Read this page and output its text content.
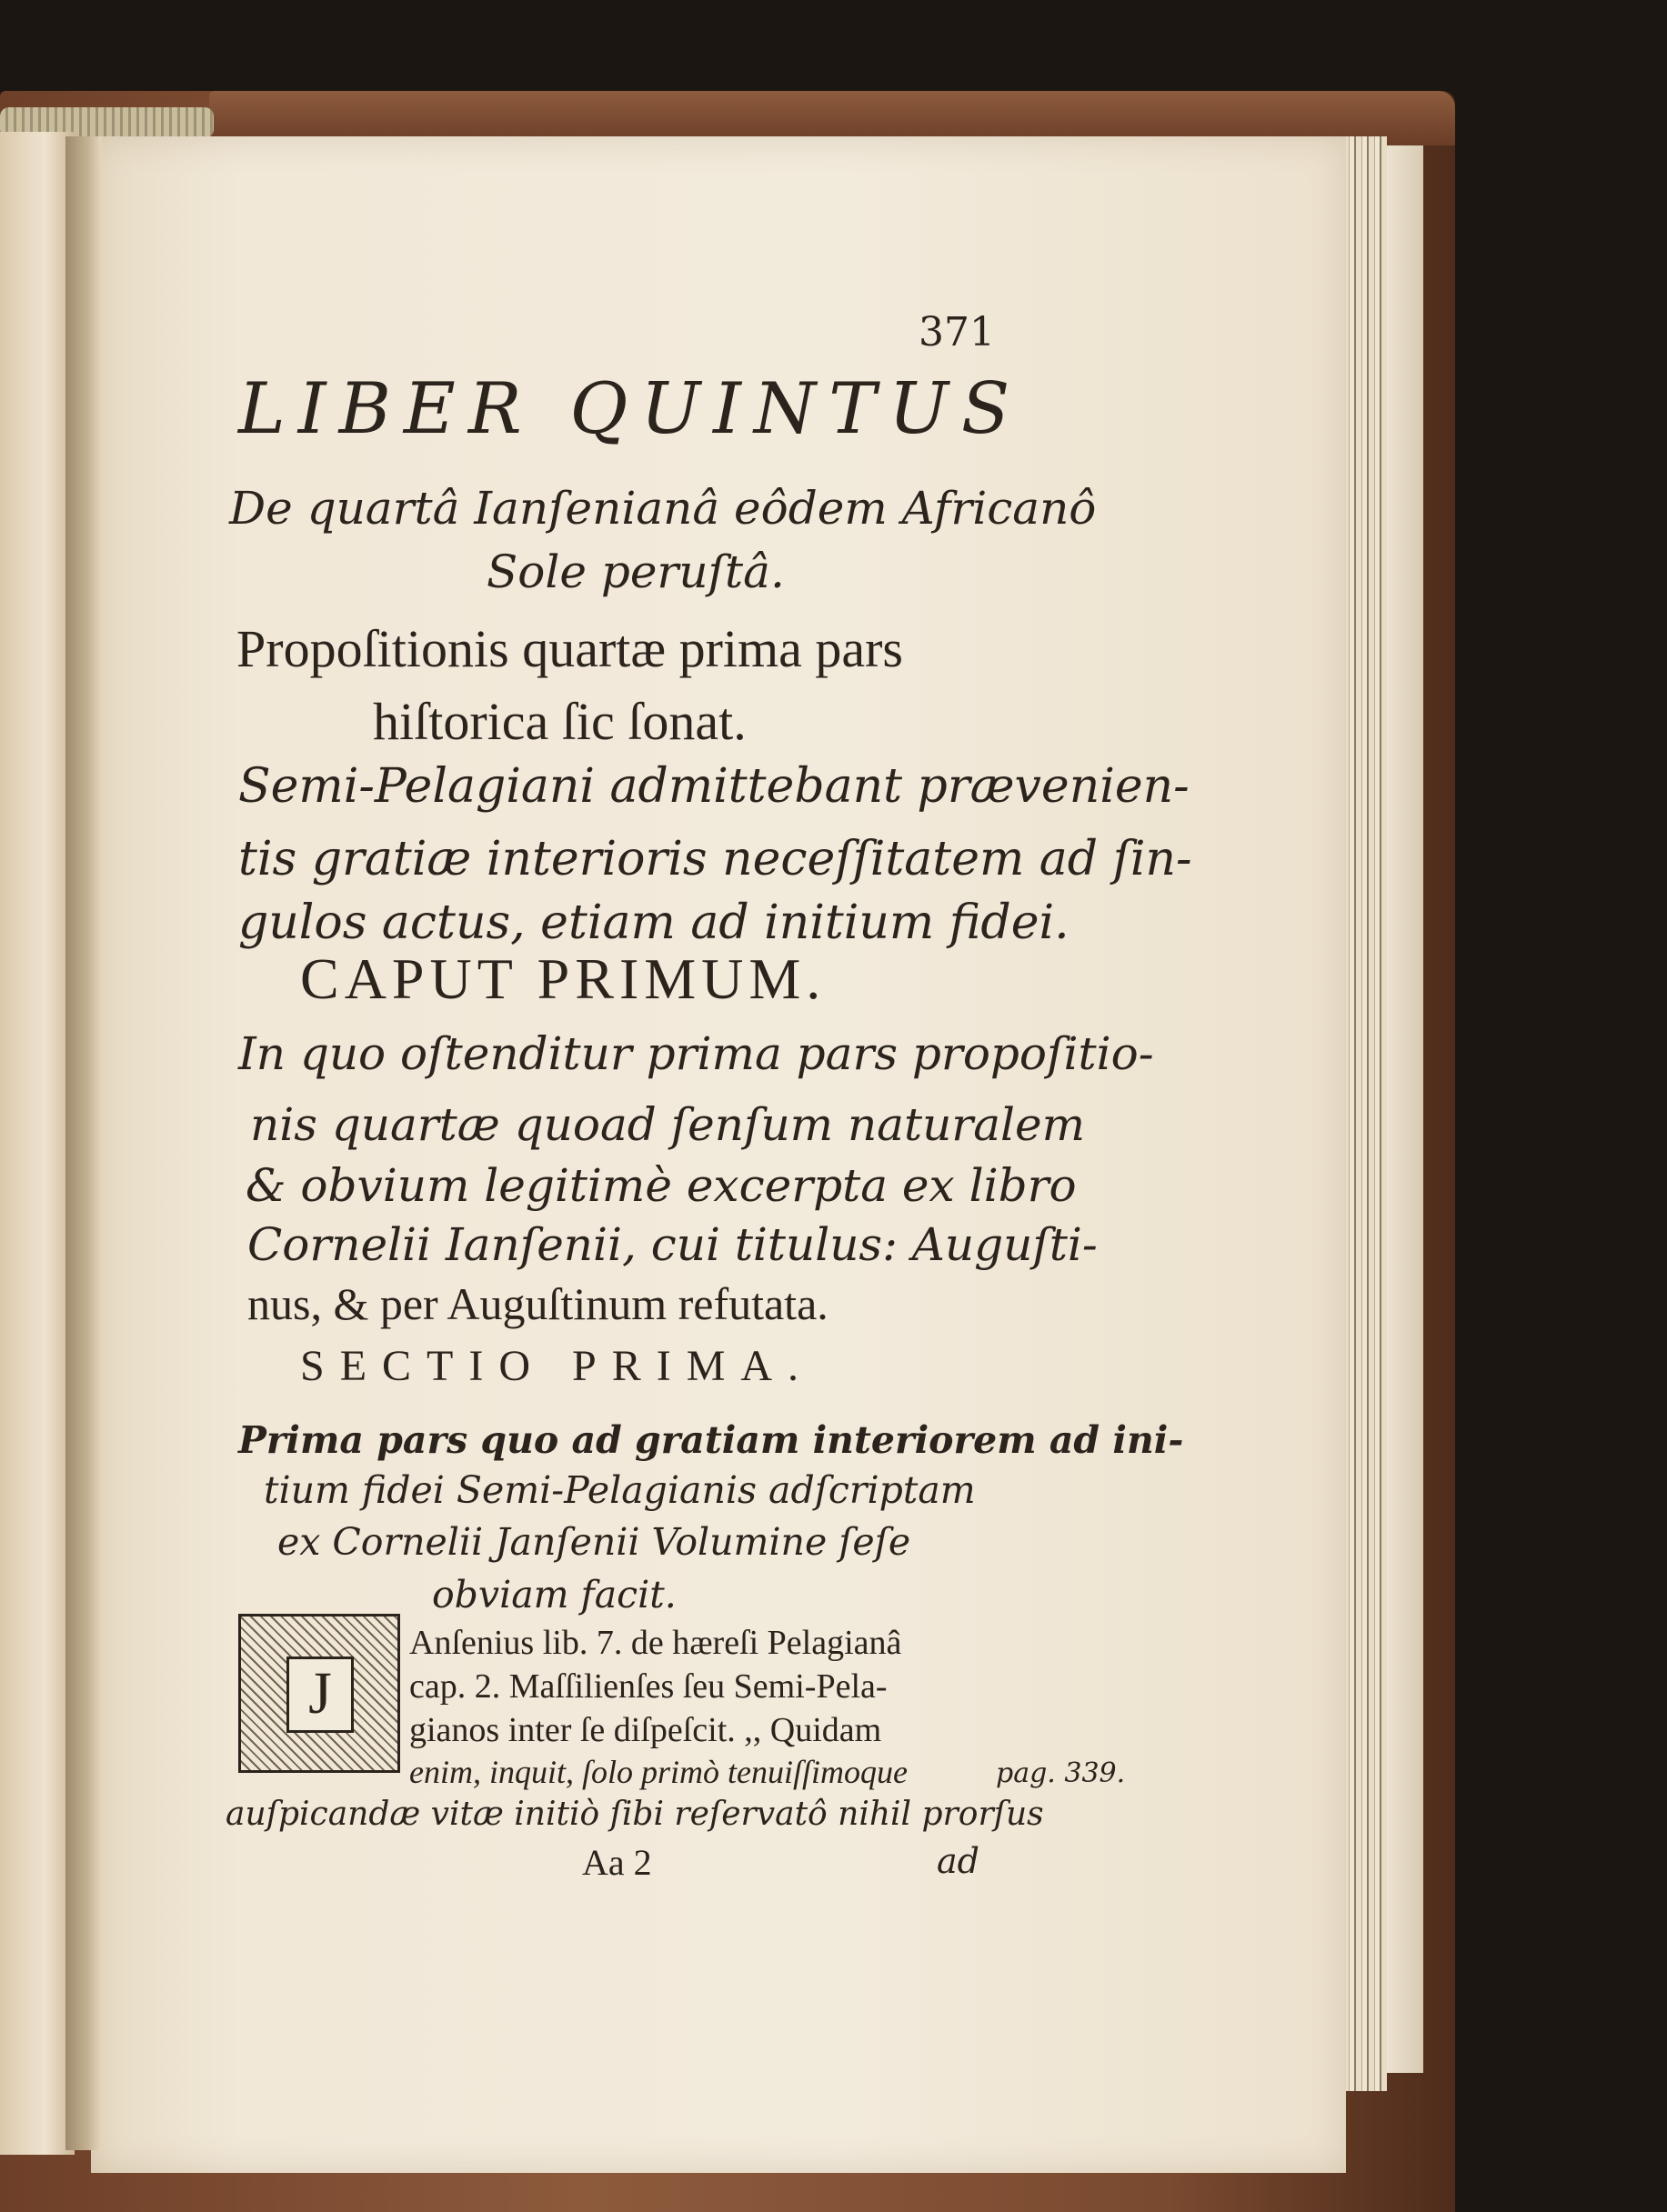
371
LIBER QUINTUS
De quartâ Ianſenianâ eôdem Africanô
Sole peruſtâ.
Propoſitionis quartæ prima pars
hiſtorica ſic ſonat.
Semi-Pelagiani admittebant prævenien-
tis gratiæ interioris neceſſitatem ad ſin-
gulos actus, etiam ad initium fidei.
CAPUT PRIMUM.
In quo oſtenditur prima pars propoſitio-
nis quartæ quoad ſenſum naturalem
& obvium legitimè excerpta ex libro
Cornelii Ianſenii, cui titulus: Auguſti-
nus, & per Auguſtinum refutata.
SECTIO PRIMA.
Prima pars quo ad gratiam interiorem ad ini-
tium fidei Semi-Pelagianis adſcriptam
ex Cornelii Janſenii Volumine ſeſe
obviam facit.
J
Anſenius lib. 7. de hæreſi Pelagianâ
cap. 2. Maſſilienſes ſeu Semi-Pela-
gianos inter ſe diſpeſcit. ,, Quidam
enim, inquit, ſolo primò tenuiſſimoque	pag. 339.
auſpicandæ vitæ initiò ſibi reſervatô nihil prorſus
Aa 2	ad
